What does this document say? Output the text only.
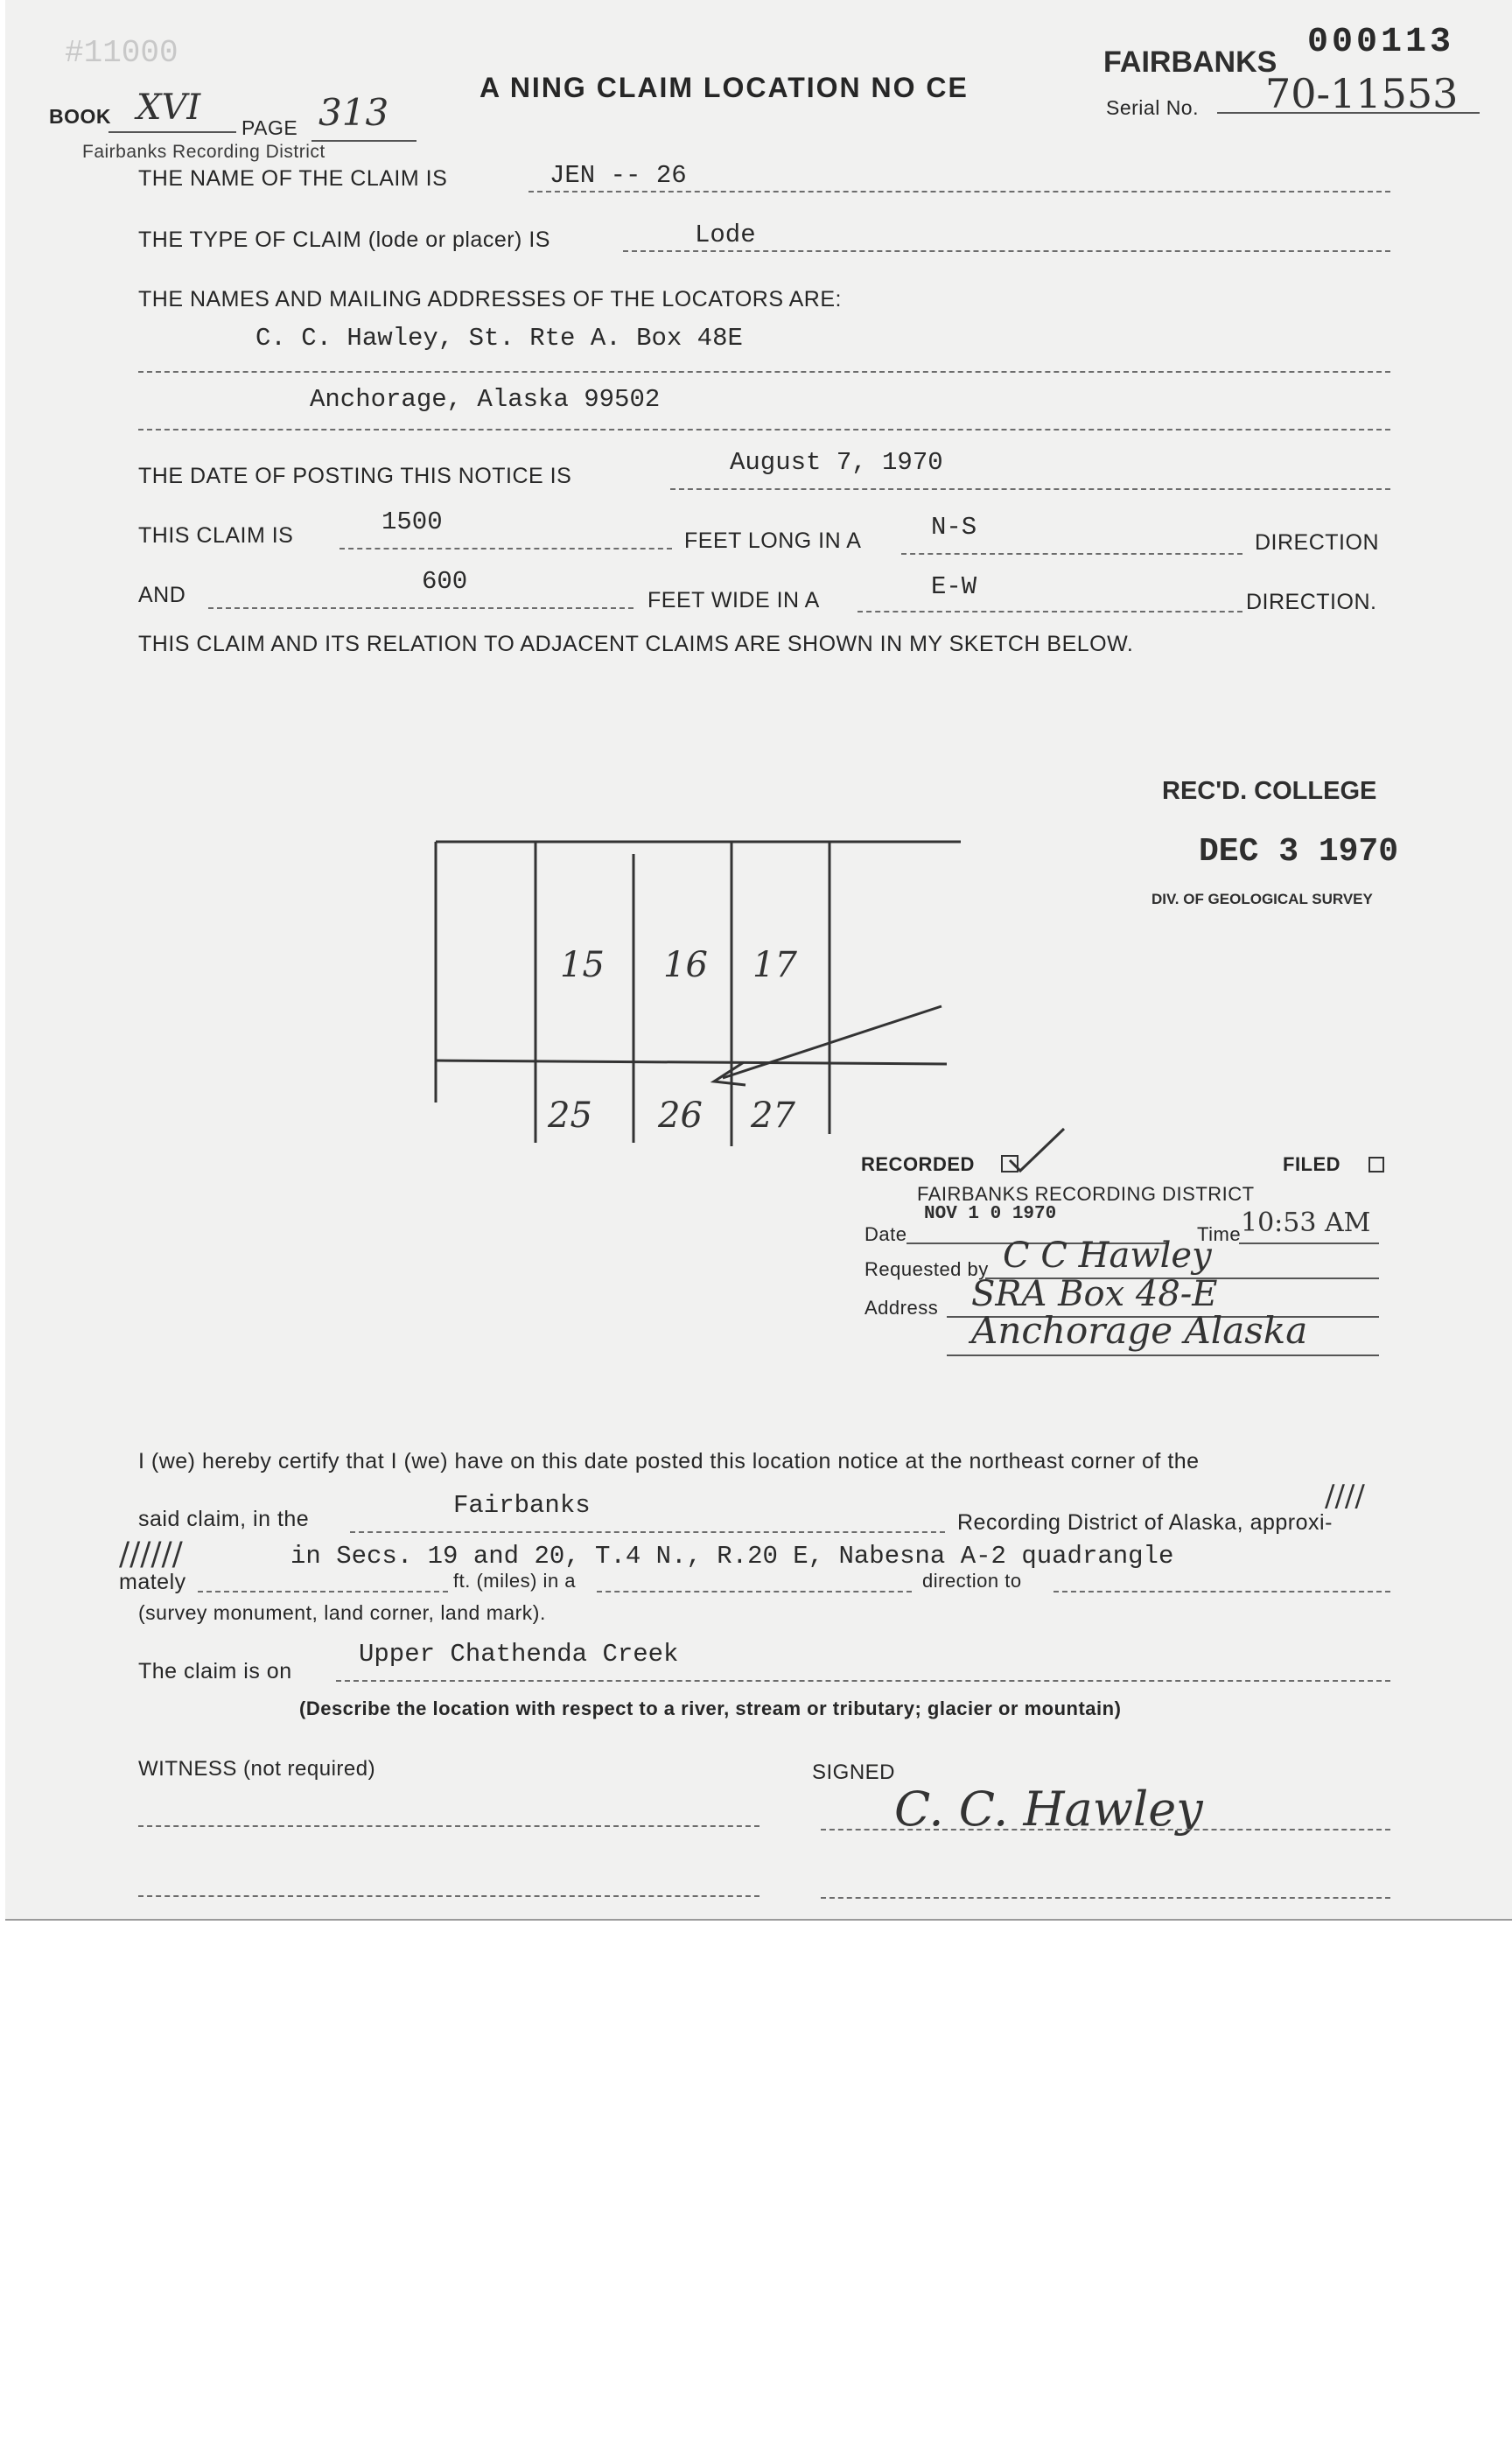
#11000
BOOK XVI PAGE 313
Fairbanks Recording District
A NING CLAIM LOCATION NO CE
FAIRBANKS 000113
Serial No. 70-11553
THE NAME OF THE CLAIM IS	JEN -- 26
THE TYPE OF CLAIM (lode or placer) IS	Lode
THE NAMES AND MAILING ADDRESSES OF THE LOCATORS ARE:
C. C. Hawley, St. Rte A. Box 48E
Anchorage, Alaska 99502
THE DATE OF POSTING THIS NOTICE IS	August 7, 1970
THIS CLAIM IS	1500
FEET LONG IN A	N-S
DIRECTION
AND	600
FEET WIDE IN A	E-W
DIRECTION.
THIS CLAIM AND ITS RELATION TO ADJACENT CLAIMS ARE SHOWN IN MY SKETCH BELOW.
REC'D. COLLEGE
DEC 3 1970
DIV. OF GEOLOGICAL SURVEY
15 16 17
25 26 27
RECORDED	FILED
FAIRBANKS RECORDING DISTRICT
NOV 1 0 1970
Date	Time 10:53 AM
Requested by C C Hawley
Address SRA Box 48-E
Anchorage Alaska
I (we) hereby certify that I (we) have on this date posted this location notice at the northeast corner of the
said claim, in the	Fairbanks
Recording District of Alaska, approxi-
////
//////
mately
in Secs. 19 and 20, T.4 N., R.20 E, Nabesna A-2 quadrangle
ft. (miles) in a	direction to
(survey monument, land corner, land mark).
The claim is on
Upper Chathenda Creek
(Describe the location with respect to a river, stream or tributary; glacier or mountain)
WITNESS (not required)	SIGNED
C. C. Hawley
